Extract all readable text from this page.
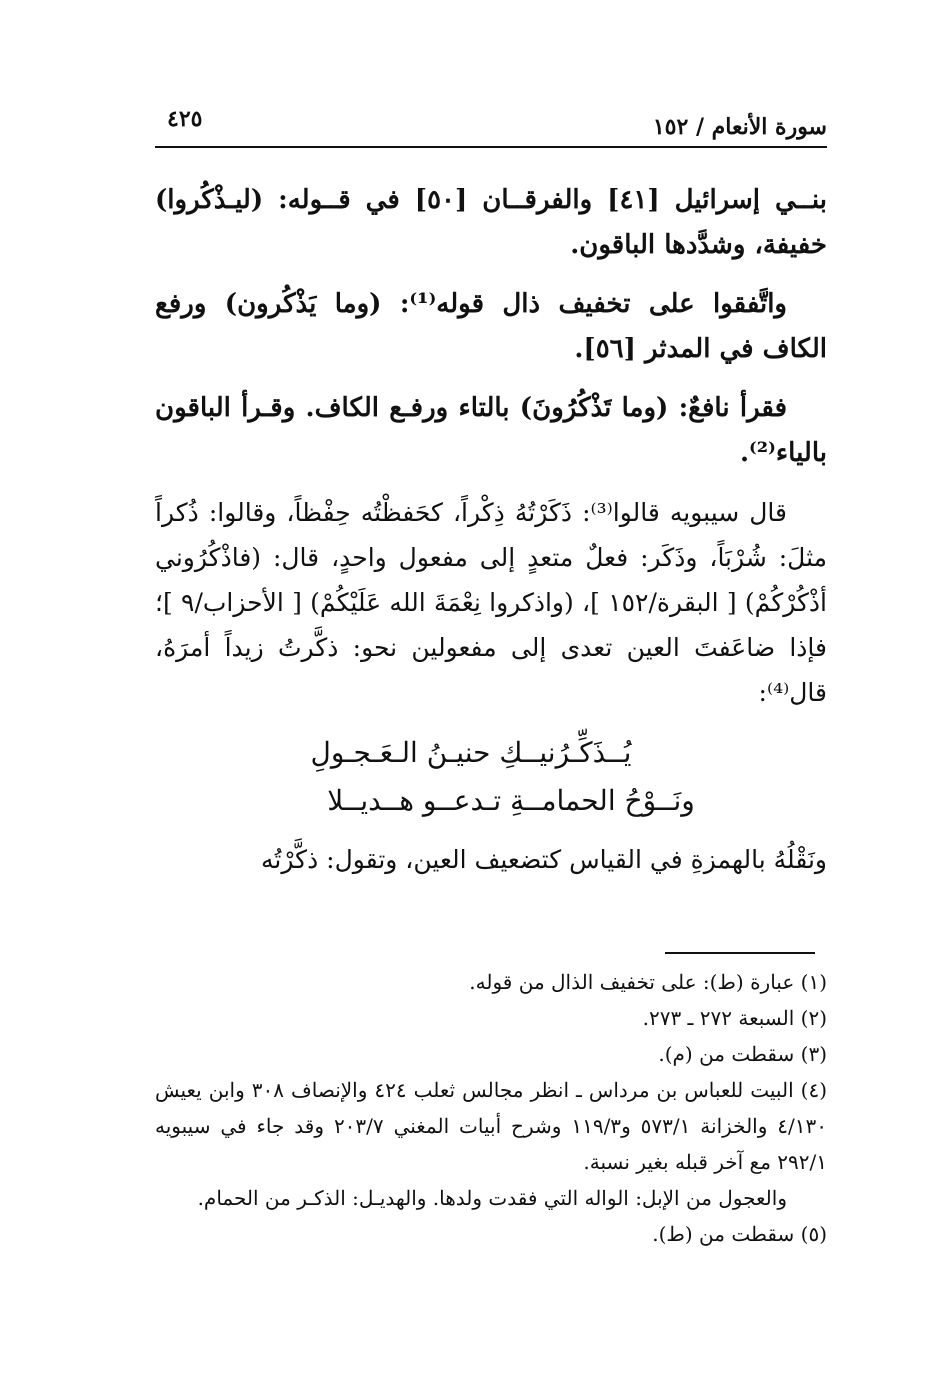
٤٢٥	سورة الأنعام / ١٥٢

بنــي إسرائيل [٤١] والفرقــان [٥٠] في قــوله: (ليـذْكُروا) خفيفة، وشدَّدها الباقون.

واتَّفقوا على تخفيف ذال قوله⁽¹⁾: (وما يَذْكُرون) ورفع الكاف في المدثر [٥٦].

فقرأ نافعٌ: (وما تَذْكُرُونَ) بالتاء ورفـع الكاف. وقـرأ الباقون بالياء⁽²⁾.

قال سيبويه قالوا⁽³⁾: ذَكَرْتُهُ ذِكْراً، كحَفظْتُه حِفْظاً، وقالوا: ذُكراً مثلَ: شُرْبَاً، وذَكَر: فعلٌ متعدٍ إلى مفعول واحدٍ، قال: (فاذْكُرُوني أذْكُرْكُمْ) [ البقرة/١٥٢ ]، (واذكروا نِعْمَةَ الله عَلَيْكُمْ) [ الأحزاب/٩ ]؛ فإذا ضاعَفتَ العين تعدى إلى مفعولين نحو: ذكَّرتُ زيداً أمرَهُ، قال⁽⁴⁾:

يُــذَكِّـرُنيــكِ حنيـنُ الـعَـجـولِ
ونَــوْحُ الحمامــةِ تـدعــو هــديــلا

ونَقْلُهُ بالهمزةِ في القياس كتضعيف العين، وتقول: ذكَّرْتُه

(١) عبارة (ط): على تخفيف الذال من قوله.

(٢) السبعة ٢٧٢ ـ ٢٧٣.

(٣) سقطت من (م).

(٤) البيت للعباس بن مرداس ـ انظر مجالس ثعلب ٤٢٤ والإنصاف ٣٠٨ وابن يعيش ٤/١٣٠ والخزانة ٥٧٣/١ و١١٩/٣ وشرح أبيات المغني ٢٠٣/٧ وقد جاء في سيبويه ٢٩٢/١ مع آخر قبله بغير نسبة.

والعجول من الإبل: الواله التي فقدت ولدها. والهديـل: الذكـر من الحمام.

(٥) سقطت من (ط).
